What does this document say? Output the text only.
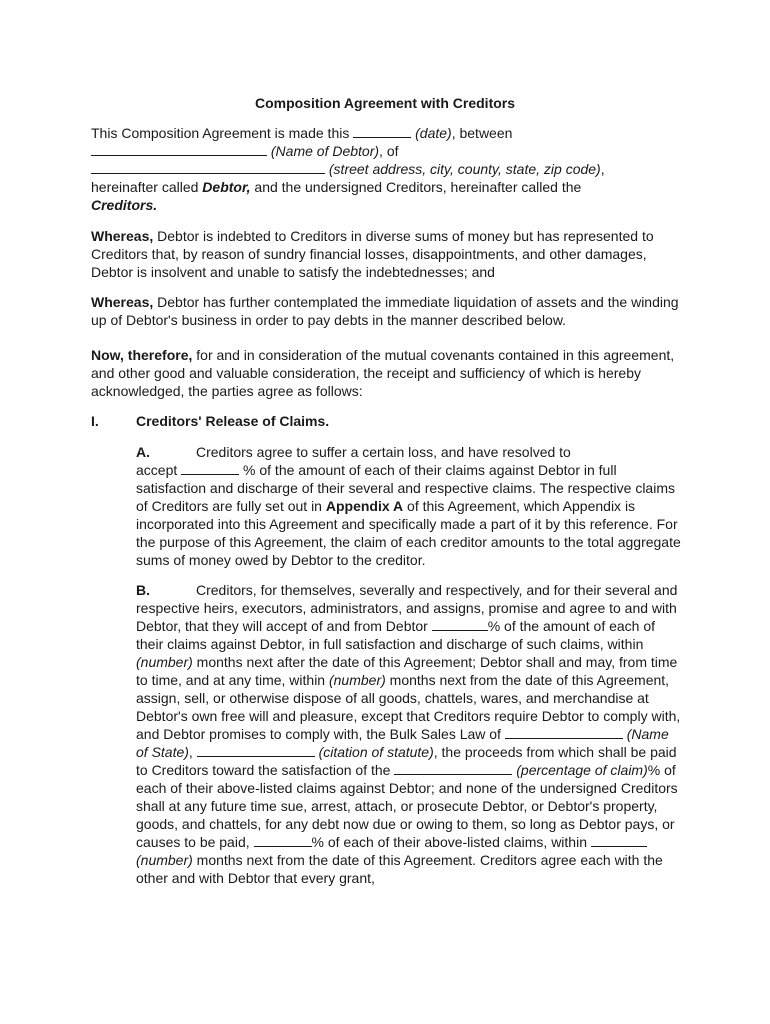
Composition Agreement with Creditors
This Composition Agreement is made this	(date), between
(Name of Debtor), of
(street address, city, county, state, zip code),
hereinafter called Debtor, and the undersigned Creditors, hereinafter called the
Creditors.
Whereas, Debtor is indebted to Creditors in diverse sums of money but has represented to Creditors that, by reason of sundry financial losses, disappointments, and other damages, Debtor is insolvent and unable to satisfy the indebtednesses; and
Whereas, Debtor has further contemplated the immediate liquidation of assets and the winding up of Debtor's business in order to pay debts in the manner described below.
Now, therefore, for and in consideration of the mutual covenants contained in this agreement, and other good and valuable consideration, the receipt and sufficiency of which is hereby acknowledged, the parties agree as follows:
I.	Creditors' Release of Claims.
A.	Creditors agree to suffer a certain loss, and have resolved to
accept	% of the amount of each of their claims against Debtor in full satisfaction and discharge of their several and respective claims. The respective claims of Creditors are fully set out in Appendix A of this Agreement, which Appendix is incorporated into this Agreement and specifically made a part of it by this reference. For the purpose of this Agreement, the claim of each creditor amounts to the total aggregate sums of money owed by Debtor to the creditor.
B.	Creditors, for themselves, severally and respectively, and for their several and respective heirs, executors, administrators, and assigns, promise and agree to and with Debtor, that they will accept of and from Debtor	% of the amount of each of their claims against Debtor, in full satisfaction and discharge of such claims, within (number) months next after the date of this Agreement; Debtor shall and may, from time to time, and at any time, within (number) months next from the date of this Agreement, assign, sell, or otherwise dispose of all goods, chattels, wares, and merchandise at Debtor's own free will and pleasure, except that Creditors require Debtor to comply with, and Debtor promises to comply with, the Bulk Sales Law of	(Name of State),	(citation of statute), the proceeds from which shall be paid to Creditors toward the satisfaction of the	(percentage of claim)% of each of their above-listed claims against Debtor; and none of the undersigned Creditors shall at any future time sue, arrest, attach, or prosecute Debtor, or Debtor's property, goods, and chattels, for any debt now due or owing to them, so long as Debtor pays, or causes to be paid,	% of each of their above-listed claims, within  (number) months next from the date of this Agreement. Creditors agree each with the other and with Debtor that every grant,
